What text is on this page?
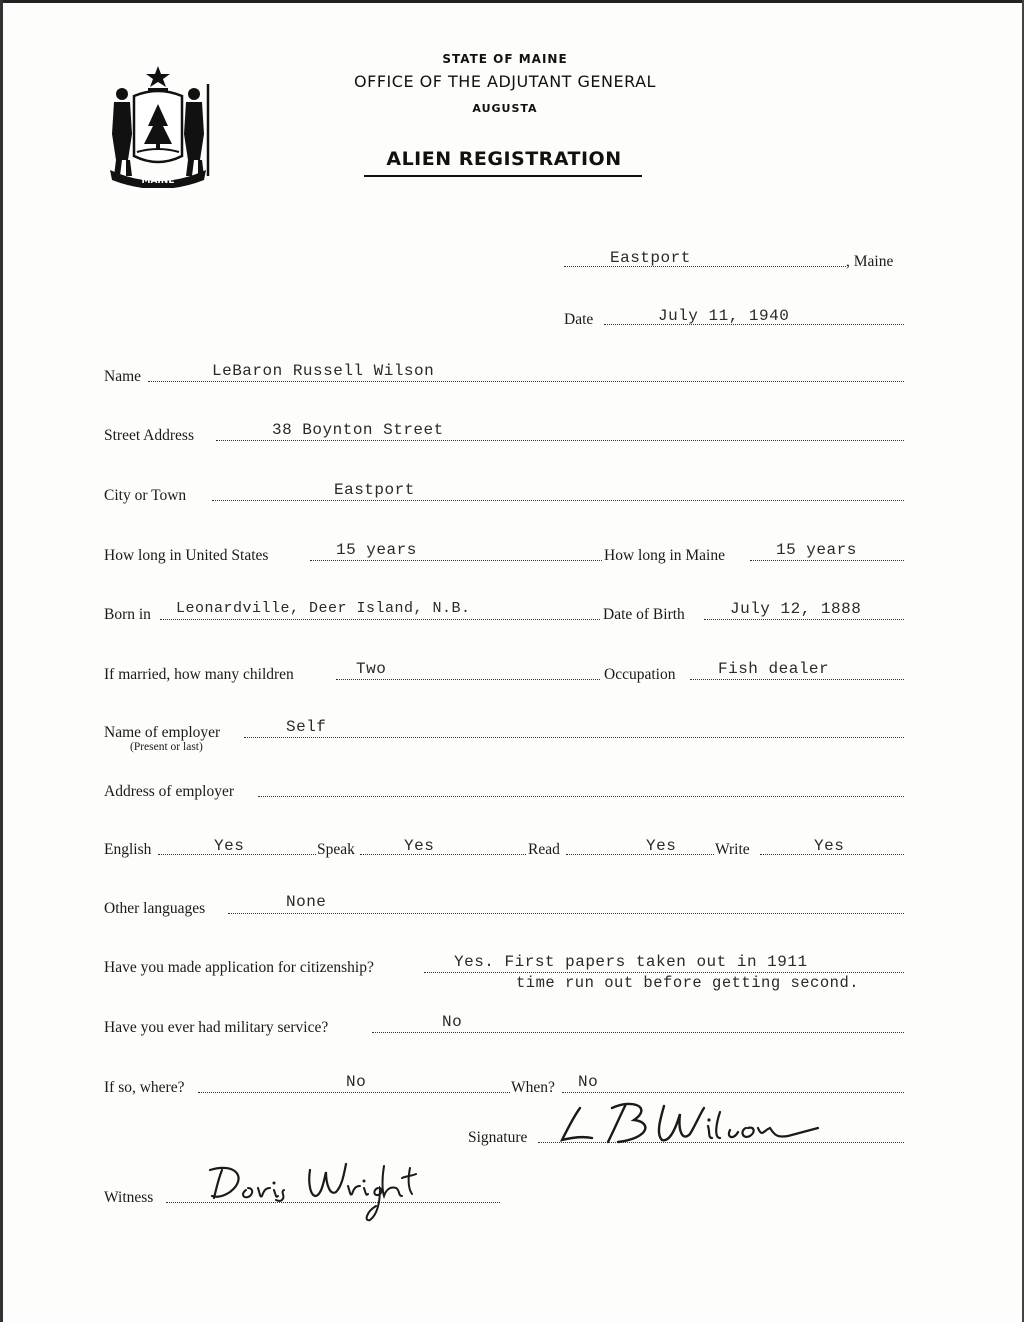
MAINE
STATE OF MAINE
OFFICE OF THE ADJUTANT GENERAL
AUGUSTA
ALIEN REGISTRATION
Eastport	, Maine
Date	July 11, 1940
Name	LeBaron Russell Wilson
Street Address	38 Boynton Street
City or Town	Eastport
How long in United States	15 years	How long in Maine	15 years
Born in Leonardville, Deer Island, N.B.	Date of Birth	July 12, 1888
If married, how many children	Two	Occupation	Fish dealer
Name of employer
(Present or last)
Self
Address of employer
English	Yes	Speak	Yes	Read	Yes Write	Yes
Other languages	None
Have you made application for citizenship?	Yes. First papers taken out in 1911
time run out before getting second.
Have you ever had military service?	No
If so, where?	No	When? No
Signature
Witness
